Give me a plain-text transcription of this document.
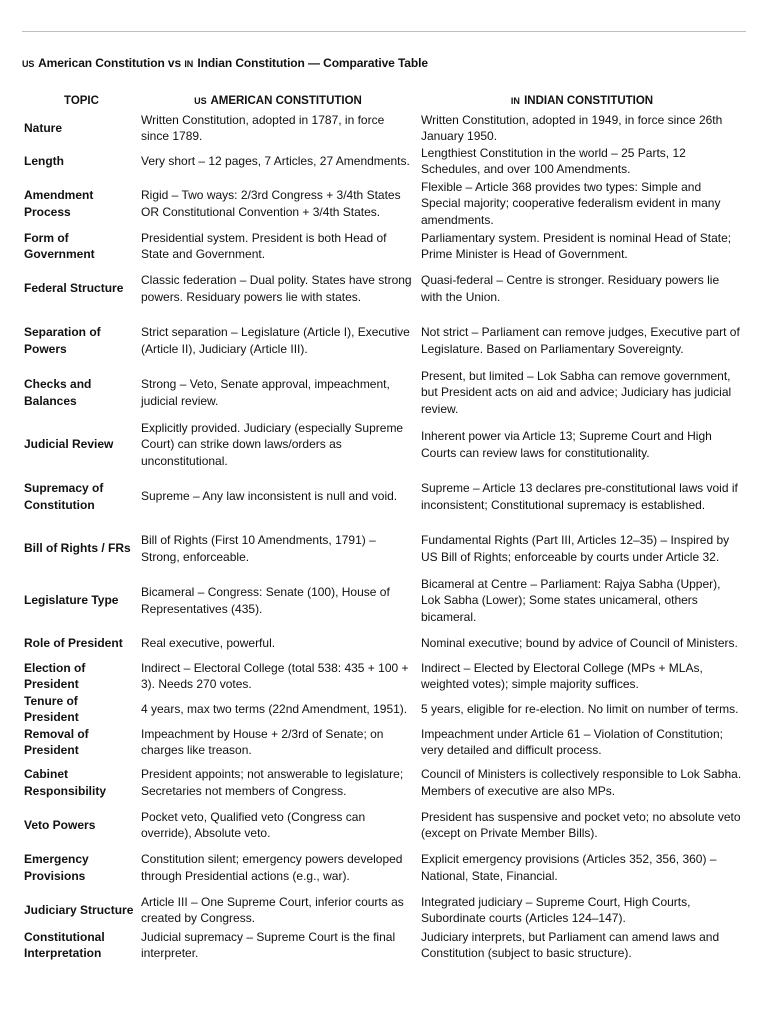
US American Constitution vs IN Indian Constitution — Comparative Table
TOPIC	US AMERICAN CONSTITUTION	IN INDIAN CONSTITUTION
Nature	Written Constitution, adopted in 1787, in force since 1789.	Written Constitution, adopted in 1949, in force since 26th January 1950.
Length	Very short – 12 pages, 7 Articles, 27 Amendments.	Lengthiest Constitution in the world – 25 Parts, 12 Schedules, and over 100 Amendments.
Amendment Process	Rigid – Two ways: 2/3rd Congress + 3/4th States OR Constitutional Convention + 3/4th States.	Flexible – Article 368 provides two types: Simple and Special majority; cooperative federalism evident in many amendments.
Form of Government	Presidential system. President is both Head of State and Government.	Parliamentary system. President is nominal Head of State; Prime Minister is Head of Government.
Federal Structure	Classic federation – Dual polity. States have strong powers. Residuary powers lie with states.	Quasi-federal – Centre is stronger. Residuary powers lie with the Union.
Separation of Powers	Strict separation – Legislature (Article I), Executive (Article II), Judiciary (Article III).	Not strict – Parliament can remove judges, Executive part of Legislature. Based on Parliamentary Sovereignty.
Checks and Balances	Strong – Veto, Senate approval, impeachment, judicial review.	Present, but limited – Lok Sabha can remove government, but President acts on aid and advice; Judiciary has judicial review.
Judicial Review	Explicitly provided. Judiciary (especially Supreme Court) can strike down laws/orders as unconstitutional.	Inherent power via Article 13; Supreme Court and High Courts can review laws for constitutionality.
Supremacy of Constitution	Supreme – Any law inconsistent is null and void.	Supreme – Article 13 declares pre-constitutional laws void if inconsistent; Constitutional supremacy is established.
Bill of Rights / FRs	Bill of Rights (First 10 Amendments, 1791) – Strong, enforceable.	Fundamental Rights (Part III, Articles 12–35) – Inspired by US Bill of Rights; enforceable by courts under Article 32.
Legislature Type	Bicameral – Congress: Senate (100), House of Representatives (435).	Bicameral at Centre – Parliament: Rajya Sabha (Upper), Lok Sabha (Lower); Some states unicameral, others bicameral.
Role of President	Real executive, powerful.	Nominal executive; bound by advice of Council of Ministers.
Election of President	Indirect – Electoral College (total 538: 435 + 100 + 3). Needs 270 votes.	Indirect – Elected by Electoral College (MPs + MLAs, weighted votes); simple majority suffices.
Tenure of President	4 years, max two terms (22nd Amendment, 1951).	5 years, eligible for re-election. No limit on number of terms.
Removal of President	Impeachment by House + 2/3rd of Senate; on charges like treason.	Impeachment under Article 61 – Violation of Constitution; very detailed and difficult process.
Cabinet Responsibility	President appoints; not answerable to legislature; Secretaries not members of Congress.	Council of Ministers is collectively responsible to Lok Sabha. Members of executive are also MPs.
Veto Powers	Pocket veto, Qualified veto (Congress can override), Absolute veto.	President has suspensive and pocket veto; no absolute veto (except on Private Member Bills).
Emergency Provisions	Constitution silent; emergency powers developed through Presidential actions (e.g., war).	Explicit emergency provisions (Articles 352, 356, 360) – National, State, Financial.
Judiciary Structure	Article III – One Supreme Court, inferior courts as created by Congress.	Integrated judiciary – Supreme Court, High Courts, Subordinate courts (Articles 124–147).
Constitutional Interpretation	Judicial supremacy – Supreme Court is the final interpreter.	Judiciary interprets, but Parliament can amend laws and Constitution (subject to basic structure).
